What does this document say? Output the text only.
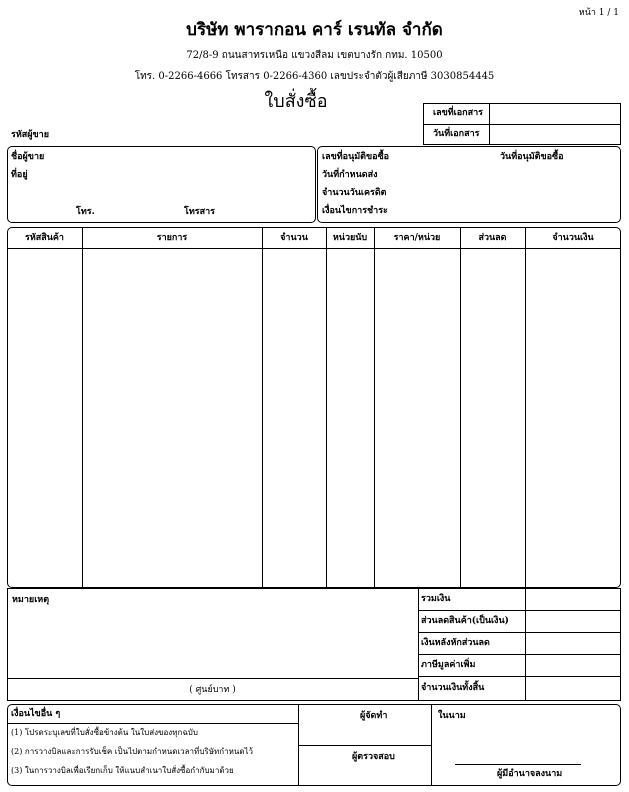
หน้า 1 / 1
บริษัท พารากอน คาร์ เรนทัล จำกัด
72/8-9 ถนนสาทรเหนือ แขวงสีลม เขตบางรัก กทม. 10500
โทร. 0-2266-4666 โทรสาร 0-2266-4360 เลขประจำตัวผู้เสียภาษี 3030854445
ใบสั่งซื้อ
เลขที่เอกสาร
วันที่เอกสาร
รหัสผู้ขาย
ชื่อผู้ขาย
ที่อยู่
โทร.	โทรสาร
เลขที่อนุมัติขอซื้อ	วันที่อนุมัติขอซื้อ
วันที่กำหนดส่ง
จำนวนวันเครดิต
เงื่อนไขการชำระ
รหัสสินค้า	รายการ	จำนวน	หน่วยนับ	ราคา/หน่วย	ส่วนลด	จำนวนเงิน
หมายเหตุ
( ศูนย์บาท )
รวมเงิน
ส่วนลดสินค้า(เป็นเงิน)
เงินหลังหักส่วนลด
ภาษีมูลค่าเพิ่ม
จำนวนเงินทั้งสิ้น
เงื่อนไขอื่น ๆ
(1) โปรดระบุเลขที่ใบสั่งซื้อข้างต้น ในใบส่งของทุกฉบับ
(2) การวางบิลและการรับเช็ค เป็นไปตามกำหนดเวลาที่บริษัทกำหนดไว้
(3) ในการวางบิลเพื่อเรียกเก็บ ให้แนบสำเนาใบสั่งซื้อกำกับมาด้วย
ผู้จัดทำ
ผู้ตรวจสอบ
ในนาม
ผู้มีอำนาจลงนาม
